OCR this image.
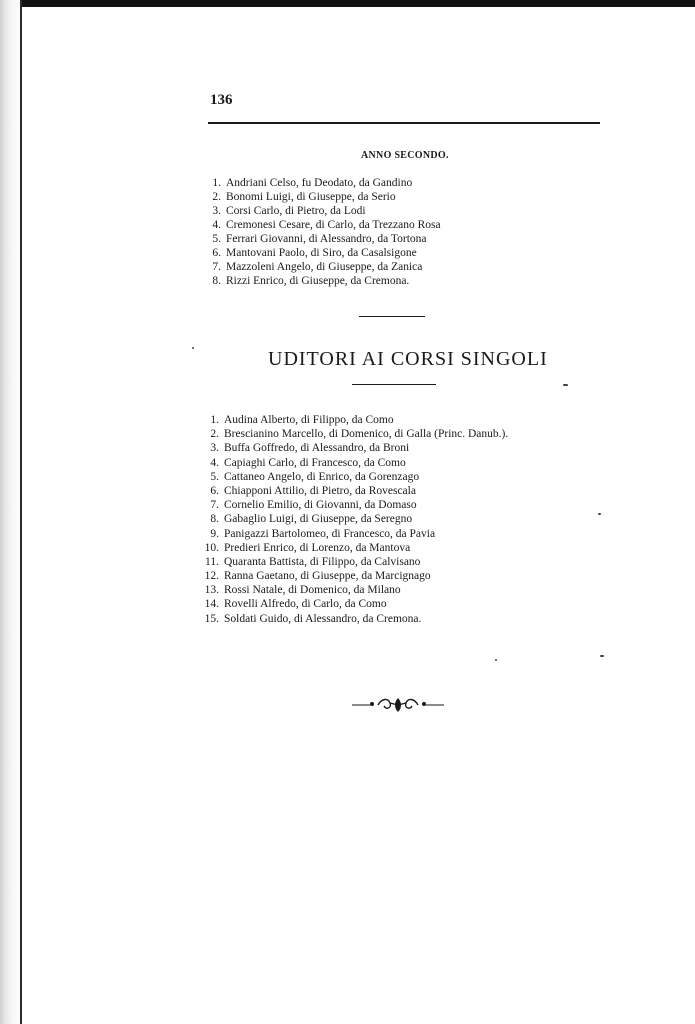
136
ANNO SECONDO.
1. Andriani Celso, fu Deodato, da Gandino
2. Bonomi Luigi, di Giuseppe, da Serio
3. Corsi Carlo, di Pietro, da Lodi
4. Cremonesi Cesare, di Carlo, da Trezzano Rosa
5. Ferrari Giovanni, di Alessandro, da Tortona
6. Mantovani Paolo, di Siro, da Casalsigone
7. Mazzoleni Angelo, di Giuseppe, da Zanica
8. Rizzi Enrico, di Giuseppe, da Cremona.
UDITORI AI CORSI SINGOLI
1. Audina Alberto, di Filippo, da Como
2. Brescianino Marcello, di Domenico, di Galla (Princ. Danub.).
3. Buffa Goffredo, di Alessandro, da Broni
4. Capiaghi Carlo, di Francesco, da Como
5. Cattaneo Angelo, di Enrico, da Gorenzago
6. Chiapponi Attilio, di Pietro, da Rovescala
7. Cornelio Emilio, di Giovanni, da Domaso
8. Gabaglio Luigi, di Giuseppe, da Seregno
9. Panigazzi Bartolomeo, di Francesco, da Pavia
10. Predieri Enrico, di Lorenzo, da Mantova
11. Quaranta Battista, di Filippo, da Calvisano
12. Ranna Gaetano, di Giuseppe, da Marcignago
13. Rossi Natale, di Domenico, da Milano
14. Rovelli Alfredo, di Carlo, da Como
15. Soldati Guido, di Alessandro, da Cremona.
